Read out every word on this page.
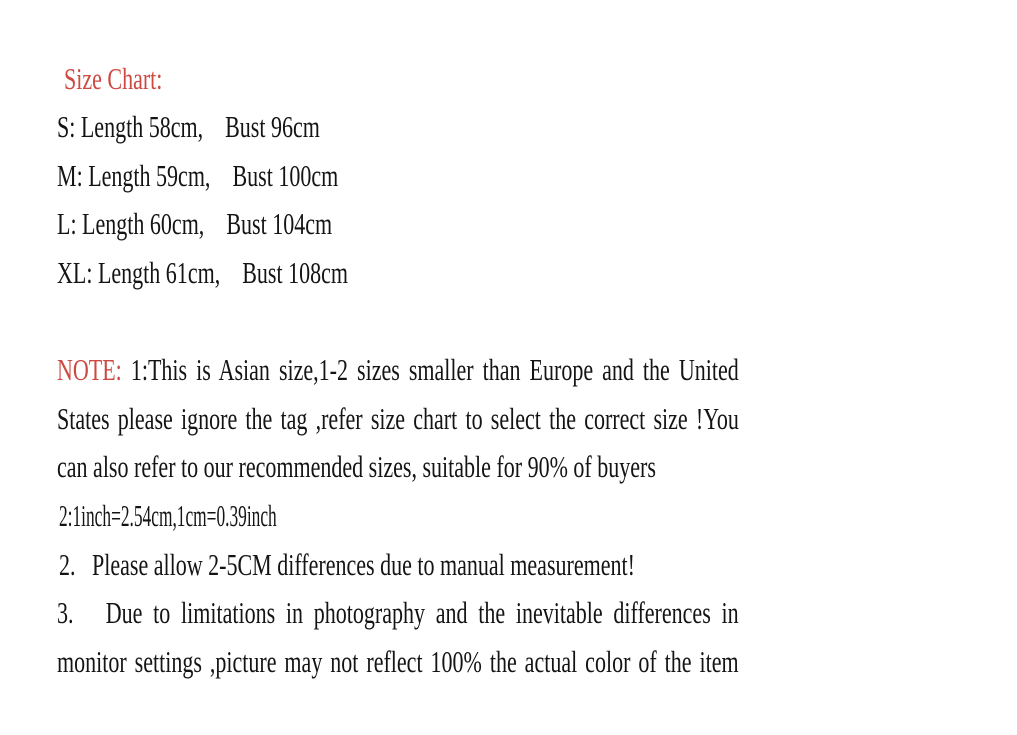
Size Chart:

S: Length 58cm,    Bust 96cm

M: Length 59cm,    Bust 100cm

L: Length 60cm,    Bust 104cm

XL: Length 61cm,    Bust 108cm

NOTE: 1:This is Asian size,1-2 sizes smaller than Europe and the United

States please ignore the tag ,refer size chart to select the correct size !You

can also refer to our recommended sizes, suitable for 90% of buyers

2:1inch=2.54cm,1cm=0.39inch

2.   Please allow 2-5CM differences due to manual measurement!

3.   Due to limitations in photography and the inevitable differences in

monitor settings ,picture may not reflect 100% the actual color of the item
